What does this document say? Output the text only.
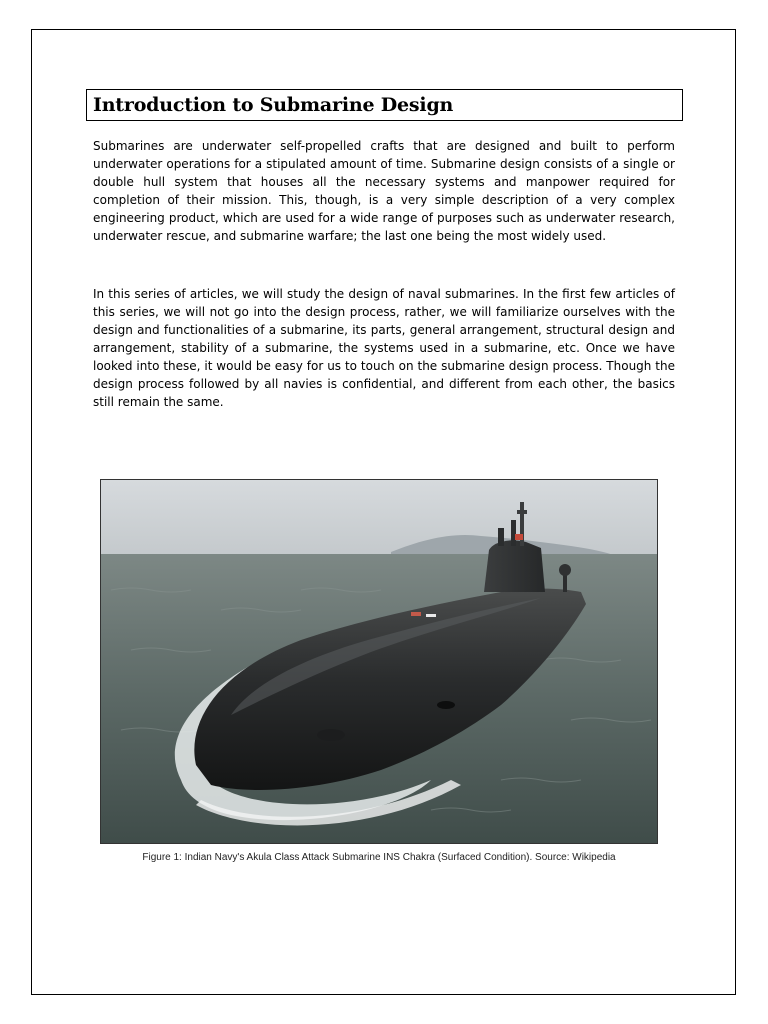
Introduction to Submarine Design

Submarines are underwater self-propelled crafts that are designed and built to perform underwater operations for a stipulated amount of time. Submarine design consists of a single or double hull system that houses all the necessary systems and manpower required for completion of their mission. This, though, is a very simple description of a very complex engineering product, which are used for a wide range of purposes such as underwater research, underwater rescue, and submarine warfare; the last one being the most widely used.

In this series of articles, we will study the design of naval submarines. In the first few articles of this series, we will not go into the design process, rather, we will familiarize ourselves with the design and functionalities of a submarine, its parts, general arrangement, structural design and arrangement, stability of a submarine, the systems used in a submarine, etc. Once we have looked into these, it would be easy for us to touch on the submarine design process. Though the design process followed by all navies is confidential, and different from each other, the basics still remain the same.

Figure 1: Indian Navy's Akula Class Attack Submarine INS Chakra (Surfaced Condition). Source: Wikipedia
